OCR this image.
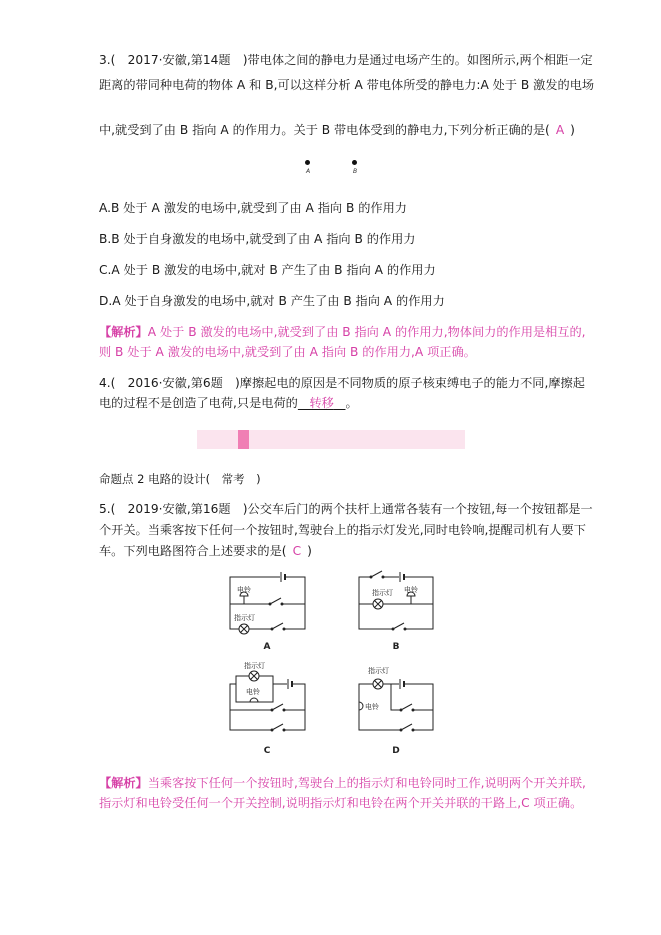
3.(　2017·安徽,第14题　)带电体之间的静电力是通过电场产生的。如图所示,两个相距一定
距离的带同种电荷的物体 A 和 B,可以这样分析 A 带电体所受的静电力:A 处于 B 激发的电场
中,就受到了由 B 指向 A 的作用力。关于 B 带电体受到的静电力,下列分析正确的是( A )
A	B
A.B 处于 A 激发的电场中,就受到了由 A 指向 B 的作用力
B.B 处于自身激发的电场中,就受到了由 A 指向 B 的作用力
C.A 处于 B 激发的电场中,就对 B 产生了由 B 指向 A 的作用力
D.A 处于自身激发的电场中,就对 B 产生了由 B 指向 A 的作用力
【解析】A 处于 B 激发的电场中,就受到了由 B 指向 A 的作用力,物体间力的作用是相互的,
则 B 处于 A 激发的电场中,就受到了由 A 指向 B 的作用力,A 项正确。
4.(　2016·安徽,第6题　)摩擦起电的原因是不同物质的原子核束缚电子的能力不同,摩擦起
电的过程不是创造了电荷,只是电荷的 转移 。
命题点 2 电路的设计(　常考　)
5.(　2019·安徽,第16题　)公交车后门的两个扶杆上通常各装有一个按钮,每一个按钮都是一
个开关。当乘客按下任何一个按钮时,驾驶台上的指示灯发光,同时电铃响,提醒司机有人要下
车。下列电路图符合上述要求的是( C )
电铃
指示灯
指示灯 电铃
指示灯
电铃
指示灯
电铃
A	B
C	D
【解析】当乘客按下任何一个按钮时,驾驶台上的指示灯和电铃同时工作,说明两个开关并联,
指示灯和电铃受任何一个开关控制,说明指示灯和电铃在两个开关并联的干路上,C 项正确。
